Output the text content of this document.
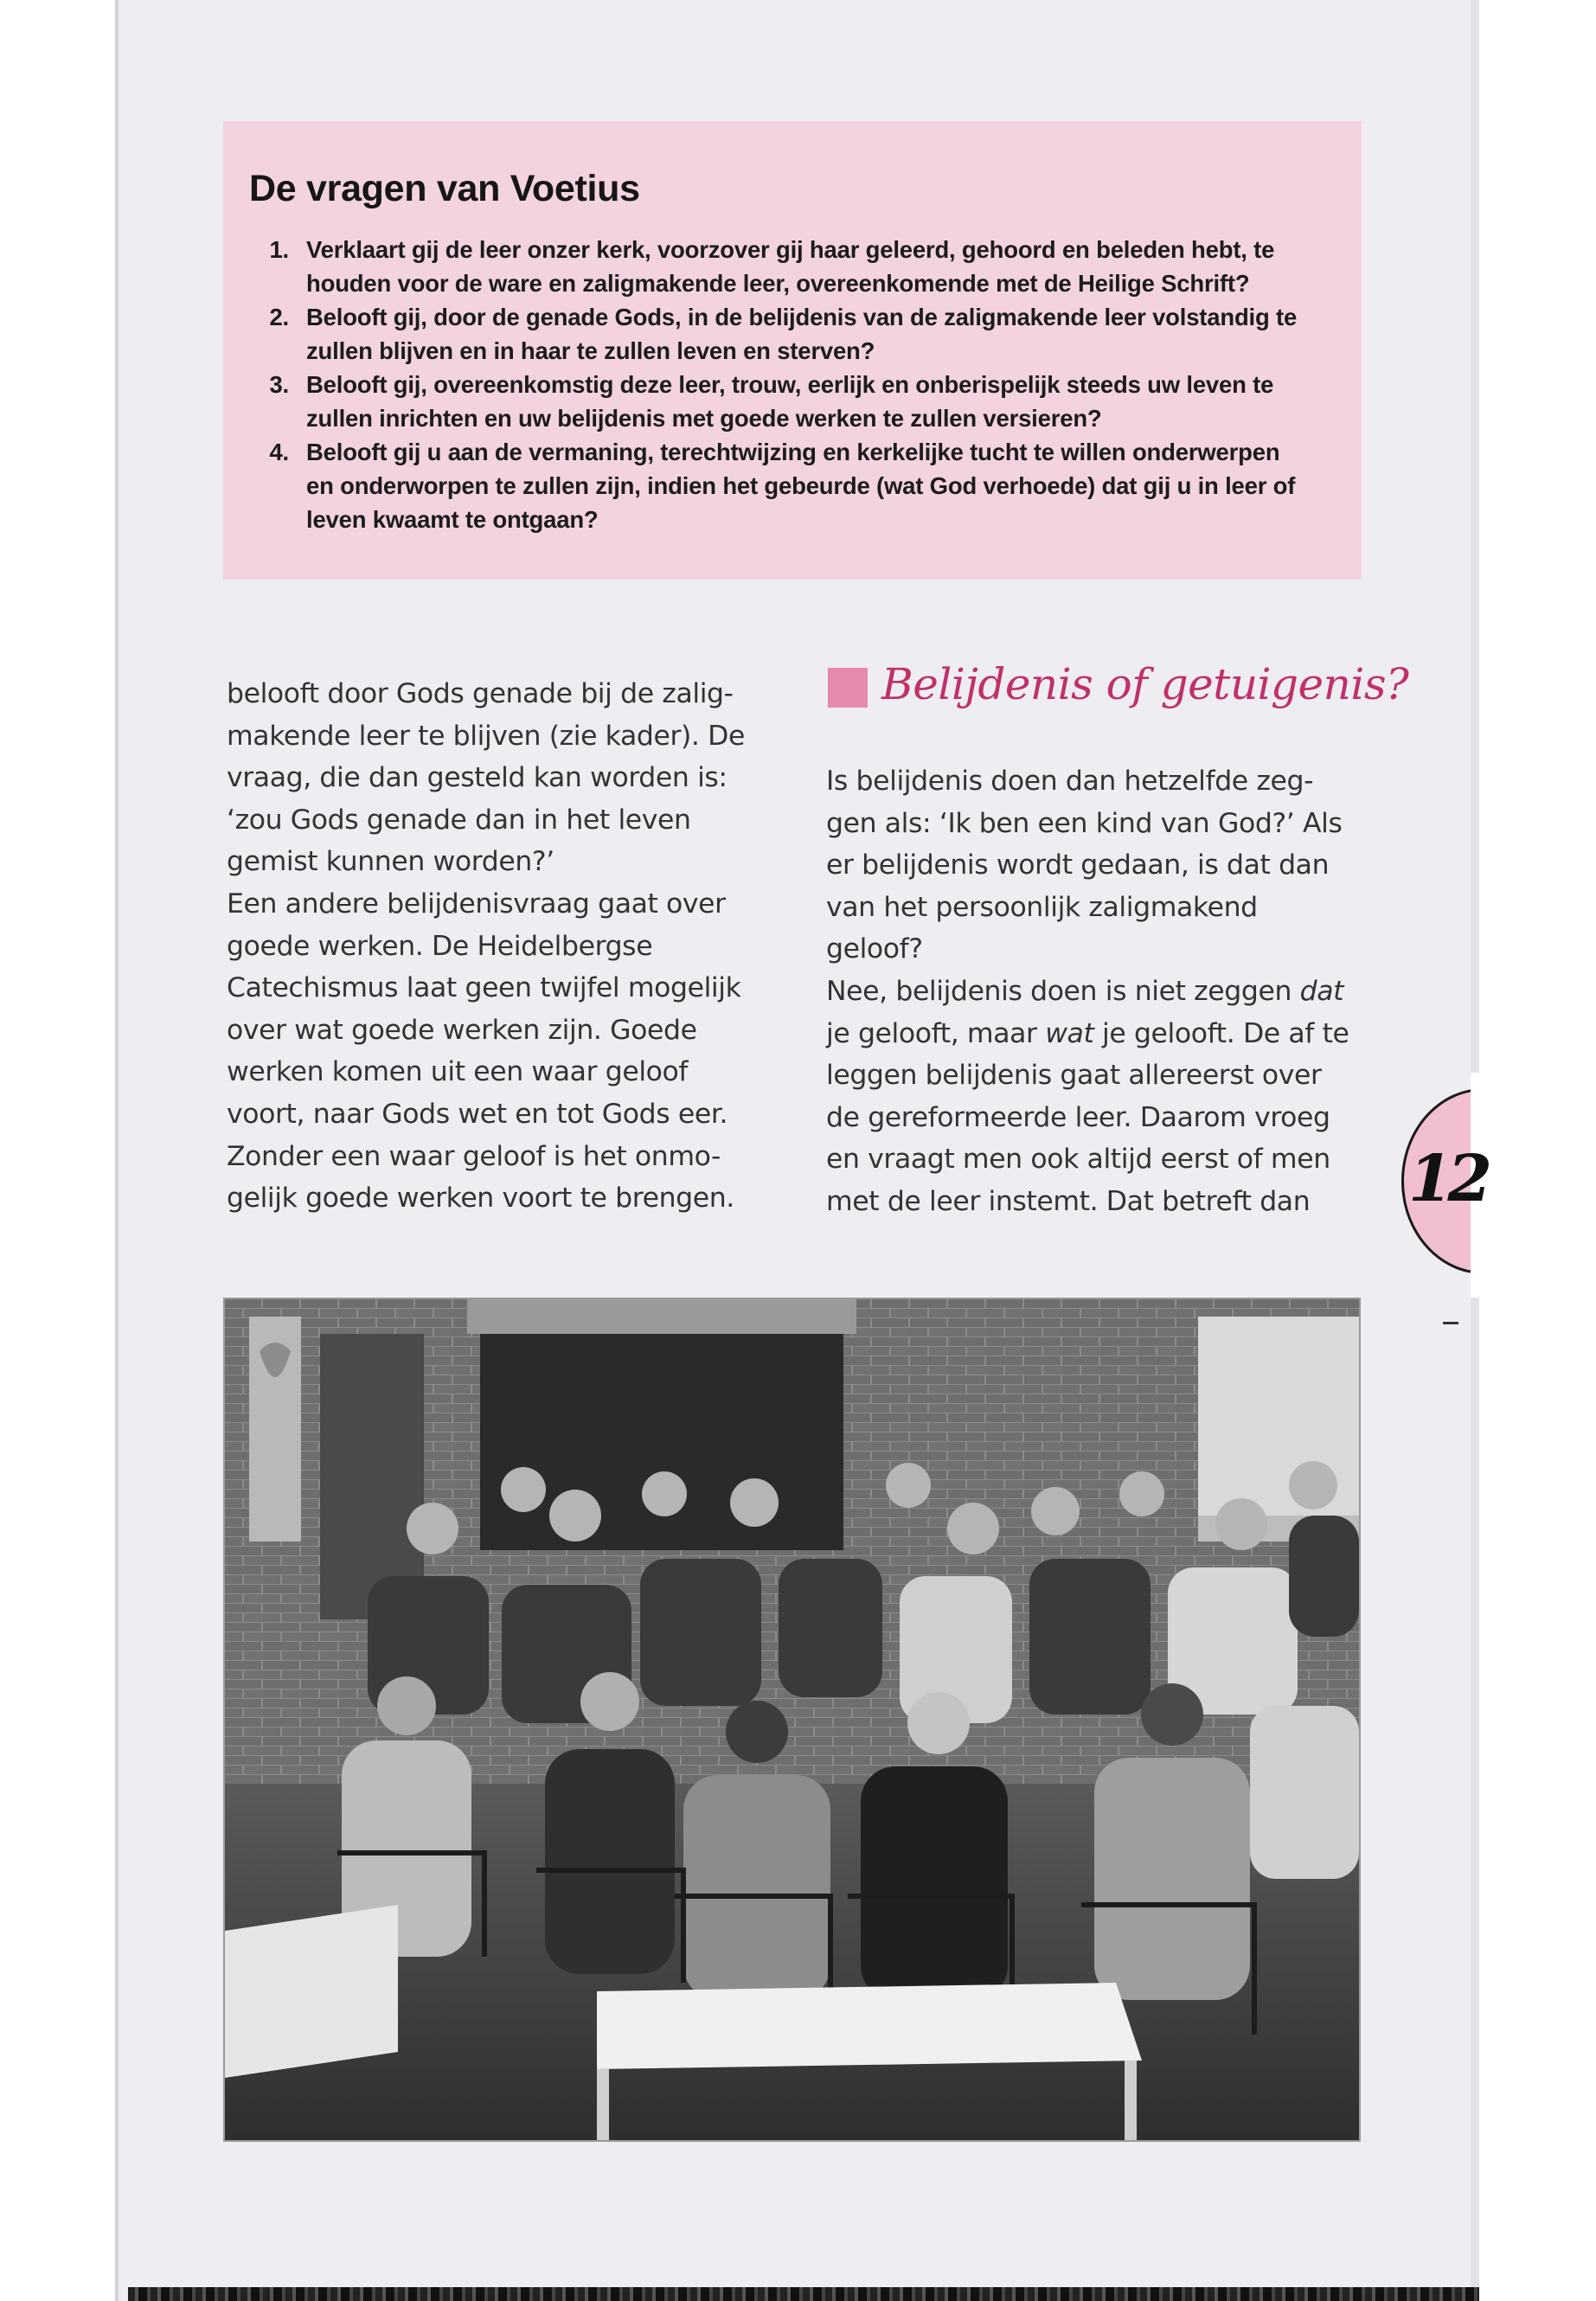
De vragen van Voetius
1. Verklaart gij de leer onzer kerk, voorzover gij haar geleerd, gehoord en beleden hebt, te
houden voor de ware en zaligmakende leer, overeenkomende met de Heilige Schrift?
2. Belooft gij, door de genade Gods, in de belijdenis van de zaligmakende leer volstandig te
zullen blijven en in haar te zullen leven en sterven?
3. Belooft gij, overeenkomstig deze leer, trouw, eerlijk en onberispelijk steeds uw leven te
zullen inrichten en uw belijdenis met goede werken te zullen versieren?
4. Belooft gij u aan de vermaning, terechtwijzing en kerkelijke tucht te willen onderwerpen
en onderworpen te zullen zijn, indien het gebeurde (wat God verhoede) dat gij u in leer of
leven kwaamt te ontgaan?

belooft door Gods genade bij de zalig-

makende leer te blijven (zie kader). De

vraag, die dan gesteld kan worden is:

‘zou Gods genade dan in het leven

gemist kunnen worden?’

Een andere belijdenisvraag gaat over

goede werken. De Heidelbergse

Catechismus laat geen twijfel mogelijk

over wat goede werken zijn. Goede

werken komen uit een waar geloof

voort, naar Gods wet en tot Gods eer.

Zonder een waar geloof is het onmo-

gelijk goede werken voort te brengen.

Belijdenis of getuigenis?

Is belijdenis doen dan hetzelfde zeg-

gen als: ‘Ik ben een kind van God?’ Als

er belijdenis wordt gedaan, is dat dan

van het persoonlijk zaligmakend

geloof?

Nee, belijdenis doen is niet zeggen dat

je gelooft, maar wat je gelooft. De af te

leggen belijdenis gaat allereerst over

de gereformeerde leer. Daarom vroeg

en vraagt men ook altijd eerst of men

met de leer instemt. Dat betreft dan	12
